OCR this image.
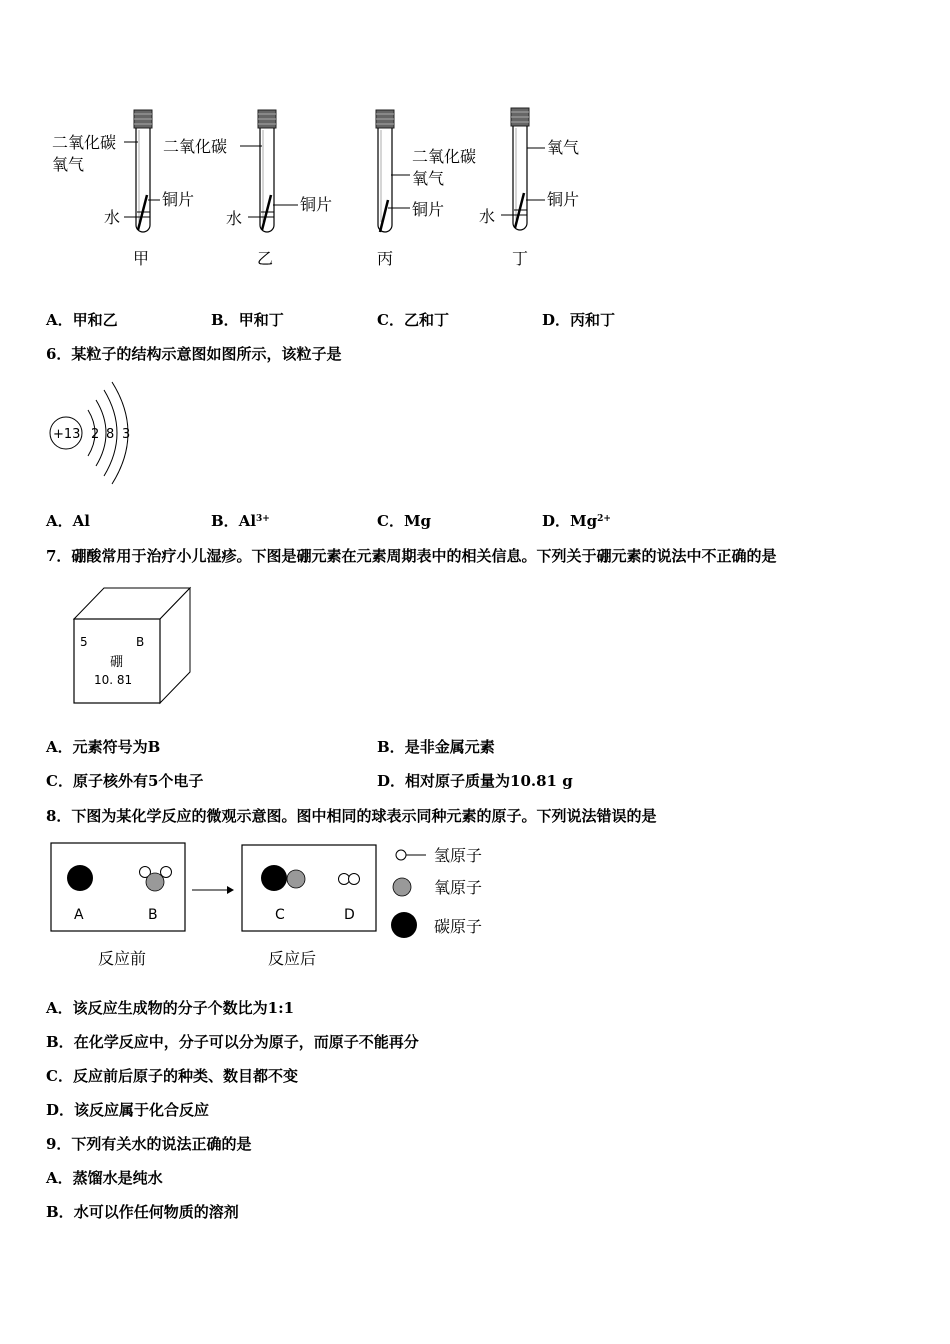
二氧化碳
氧气
铜片
水
甲
二氧化碳
铜片
水
乙
二氧化碳
氧气
铜片
丙
氧气
铜片
水
丁
A．甲和乙	B．甲和丁	C．乙和丁	D．丙和丁
6．某粒子的结构示意图如图所示，该粒子是
+13 2 8 3
A．Al	B．$Al^{3+}$	C．Mg	D．$Mg^{2+}$
7．硼酸常用于治疗小儿湿疹。下图是硼元素在元素周期表中的相关信息。下列关于硼元素的说法中不正确的是
5	B
硼
10. 81
A．元素符号为B	B．是非金属元素
C．原子核外有5个电子	D．相对原子质量为10.81 g
8．下图为某化学反应的微观示意图。图中相同的球表示同种元素的原子。下列说法错误的是
A	B	C	D
反应前	反应后
氢原子
氧原子
碳原子
A．该反应生成物的分子个数比为1:1
B．在化学反应中，分子可以分为原子，而原子不能再分
C．反应前后原子的种类、数目都不变
D．该反应属于化合反应
9．下列有关水的说法正确的是
A．蒸馏水是纯水
B．水可以作任何物质的溶剂
